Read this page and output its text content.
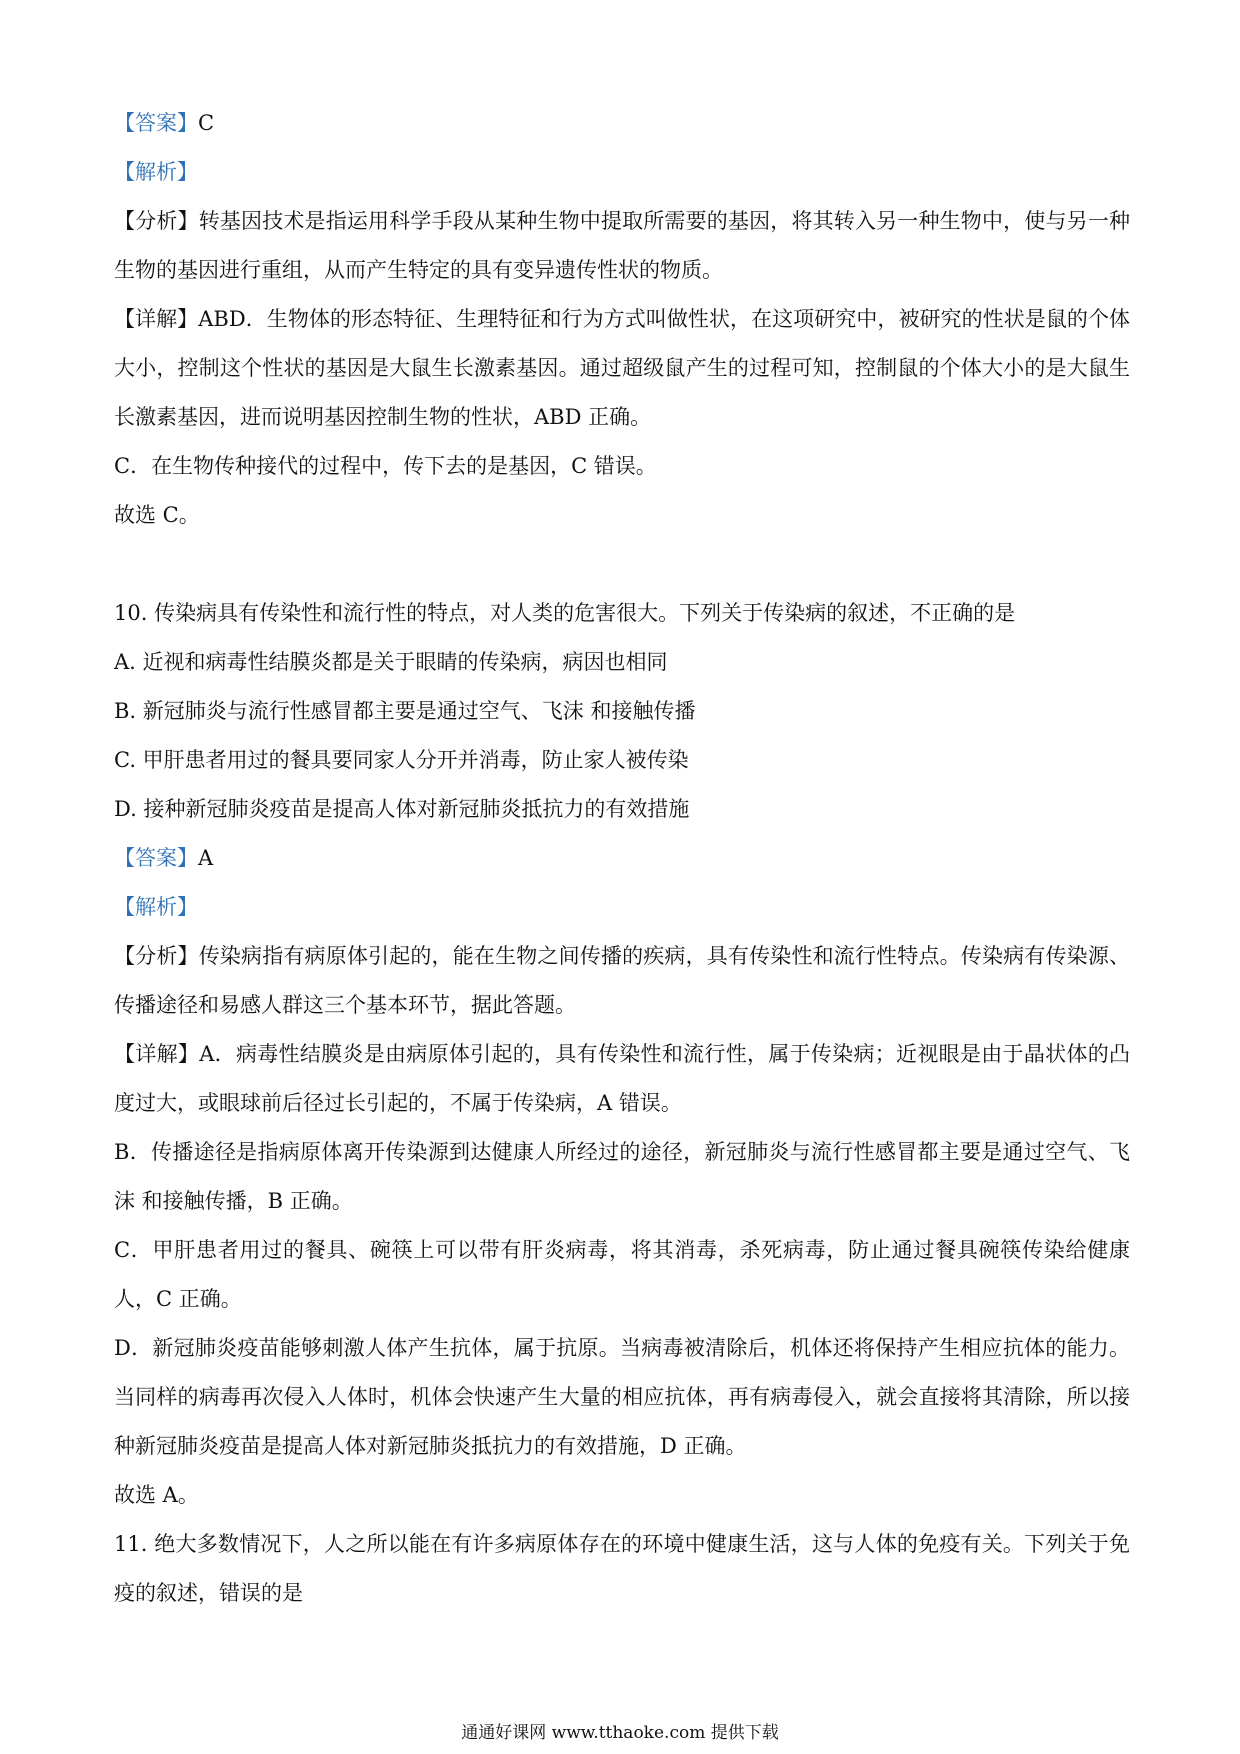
【答案】C
【解析】
【分析】转基因技术是指运用科学手段从某种生物中提取所需要的基因，将其转入另一种生物中，使与另一种生物的基因进行重组，从而产生特定的具有变异遗传性状的物质。
【详解】ABD．生物体的形态特征、生理特征和行为方式叫做性状，在这项研究中，被研究的性状是鼠的个体大小，控制这个性状的基因是大鼠生长激素基因。通过超级鼠产生的过程可知，控制鼠的个体大小的是大鼠生长激素基因，进而说明基因控制生物的性状，ABD 正确。
C．在生物传种接代的过程中，传下去的是基因，C 错误。
故选 C。
10. 传染病具有传染性和流行性的特点，对人类的危害很大。下列关于传染病的叙述，不正确的是
A. 近视和病毒性结膜炎都是关于眼睛的传染病，病因也相同
B. 新冠肺炎与流行性感冒都主要是通过空气、飞沫 和接触传播
C. 甲肝患者用过的餐具要同家人分开并消毒，防止家人被传染
D. 接种新冠肺炎疫苗是提高人体对新冠肺炎抵抗力的有效措施
【答案】A
【解析】
【分析】传染病指有病原体引起的，能在生物之间传播的疾病，具有传染性和流行性特点。传染病有传染源、传播途径和易感人群这三个基本环节，据此答题。
【详解】A．病毒性结膜炎是由病原体引起的，具有传染性和流行性，属于传染病；近视眼是由于晶状体的凸度过大，或眼球前后径过长引起的，不属于传染病，A 错误。
B．传播途径是指病原体离开传染源到达健康人所经过的途径，新冠肺炎与流行性感冒都主要是通过空气、飞沫 和接触传播，B 正确。
C．甲肝患者用过的餐具、碗筷上可以带有肝炎病毒，将其消毒，杀死病毒，防止通过餐具碗筷传染给健康人，C 正确。
D．新冠肺炎疫苗能够刺激人体产生抗体，属于抗原。当病毒被清除后，机体还将保持产生相应抗体的能力。当同样的病毒再次侵入人体时，机体会快速产生大量的相应抗体，再有病毒侵入，就会直接将其清除，所以接种新冠肺炎疫苗是提高人体对新冠肺炎抵抗力的有效措施，D 正确。
故选 A。
11. 绝大多数情况下，人之所以能在有许多病原体存在的环境中健康生活，这与人体的免疫有关。下列关于免疫的叙述，错误的是
通通好课网 www.tthaoke.com 提供下载
